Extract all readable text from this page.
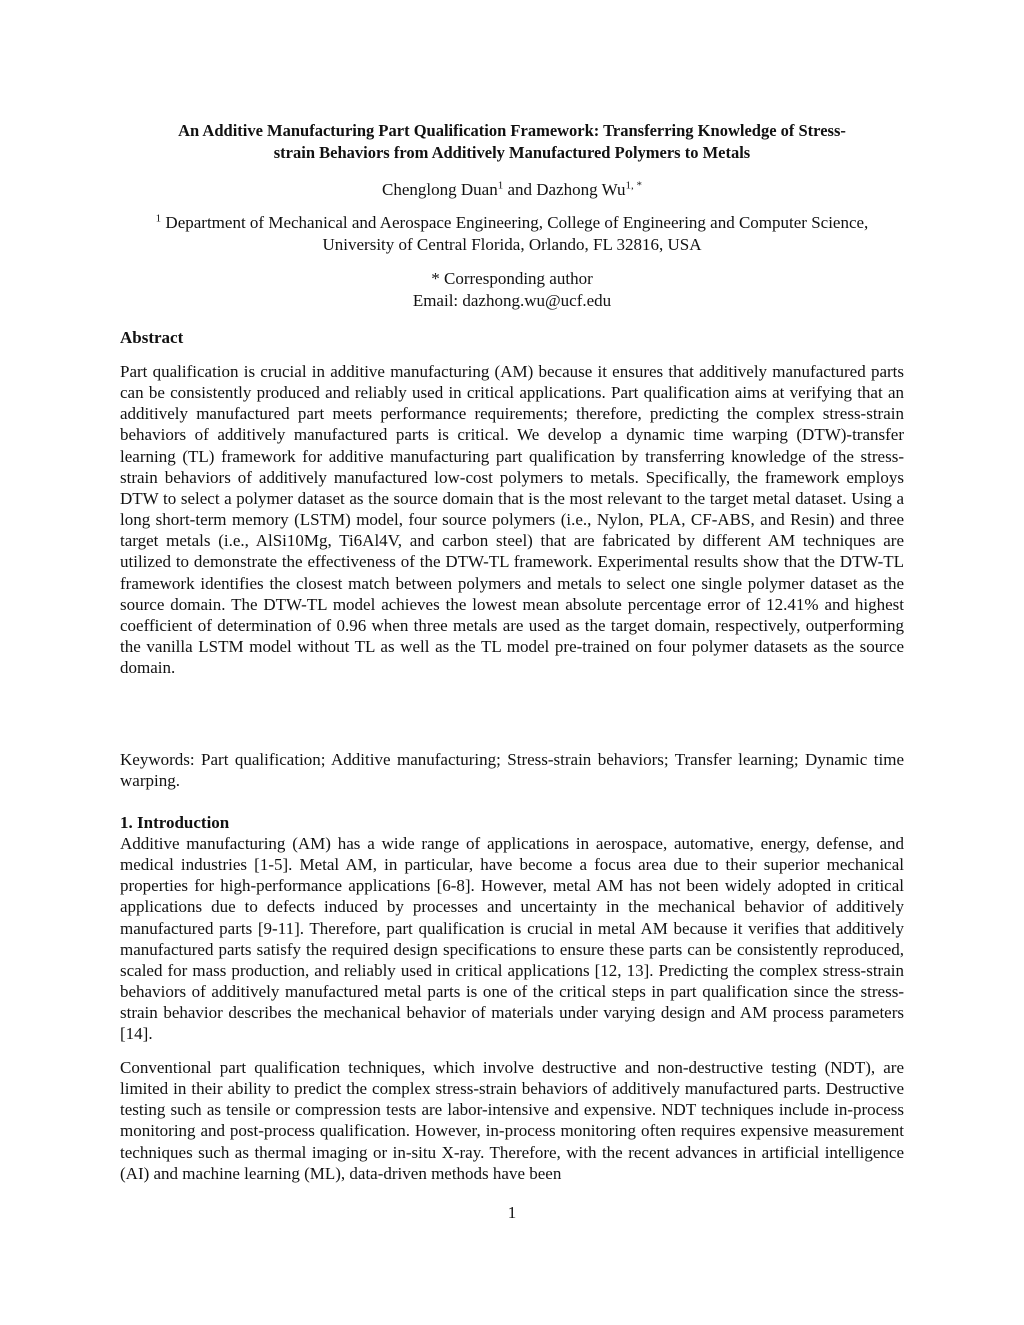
An Additive Manufacturing Part Qualification Framework: Transferring Knowledge of Stress-
strain Behaviors from Additively Manufactured Polymers to Metals
Chenglong Duan$^1$ and Dazhong $Wu^{1, *}$
$^1$ Department of Mechanical and Aerospace Engineering, College of Engineering and Computer Science,
University of Central Florida, Orlando, FL 32816, USA
* Corresponding author
Email: dazhong.wu@ucf.edu
Abstract

Part qualification is crucial in additive manufacturing (AM) because it ensures that additively manufactured parts can be consistently produced and reliably used in critical applications. Part qualification aims at verifying that an additively manufactured part meets performance requirements; therefore, predicting the complex stress-strain behaviors of additively manufactured parts is critical. We develop a dynamic time warping (DTW)-transfer learning (TL) framework for additive manufacturing part qualification by transferring knowledge of the stress-strain behaviors of additively manufactured low-cost polymers to metals. Specifically, the framework employs DTW to select a polymer dataset as the source domain that is the most relevant to the target metal dataset. Using a long short-term memory (LSTM) model, four source polymers (i.e., Nylon, PLA, CF-ABS, and Resin) and three target metals (i.e., AlSi10Mg, Ti6Al4V, and carbon steel) that are fabricated by different AM techniques are utilized to demonstrate the effectiveness of the DTW-TL framework. Experimental results show that the DTW-TL framework identifies the closest match between polymers and metals to select one single polymer dataset as the source domain. The DTW-TL model achieves the lowest mean absolute percentage error of 12.41% and highest coefficient of determination of 0.96 when three metals are used as the target domain, respectively, outperforming the vanilla LSTM model without TL as well as the TL model pre-trained on four polymer datasets as the source domain.

Keywords: Part qualification; Additive manufacturing; Stress-strain behaviors; Transfer learning; Dynamic time warping.

1. Introduction

Additive manufacturing (AM) has a wide range of applications in aerospace, automative, energy, defense, and medical industries [1-5]. Metal AM, in particular, have become a focus area due to their superior mechanical properties for high-performance applications [6-8]. However, metal AM has not been widely adopted in critical applications due to defects induced by processes and uncertainty in the mechanical behavior of additively manufactured parts [9-11]. Therefore, part qualification is crucial in metal AM because it verifies that additively manufactured parts satisfy the required design specifications to ensure these parts can be consistently reproduced, scaled for mass production, and reliably used in critical applications [12, 13]. Predicting the complex stress-strain behaviors of additively manufactured metal parts is one of the critical steps in part qualification since the stress-strain behavior describes the mechanical behavior of materials under varying design and AM process parameters [14].

Conventional part qualification techniques, which involve destructive and non-destructive testing (NDT), are limited in their ability to predict the complex stress-strain behaviors of additively manufactured parts. Destructive testing such as tensile or compression tests are labor-intensive and expensive. NDT techniques include in-process monitoring and post-process qualification. However, in-process monitoring often requires expensive measurement techniques such as thermal imaging or in-situ X-ray. Therefore, with the recent advances in artificial intelligence (AI) and machine learning (ML), data-driven methods have been

1
